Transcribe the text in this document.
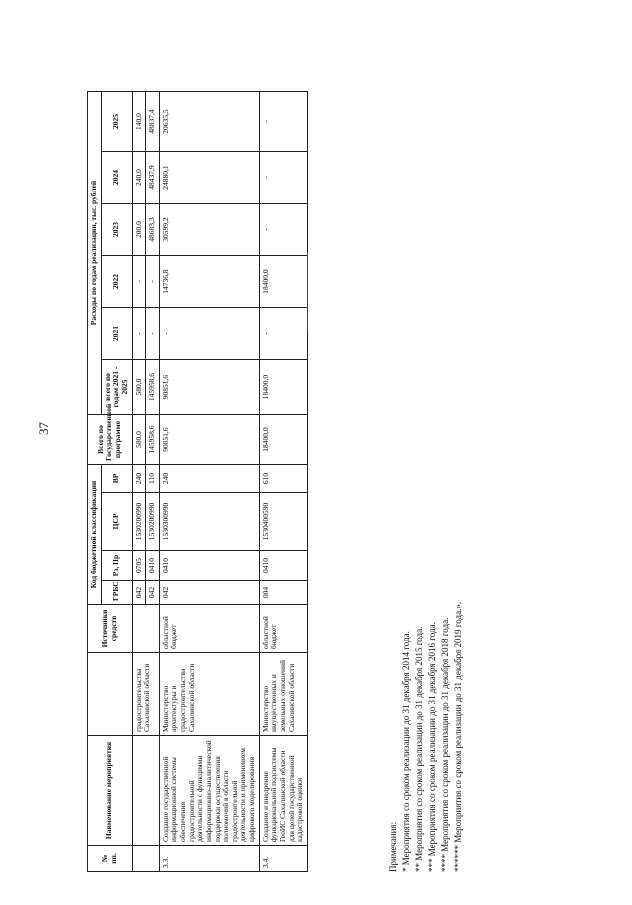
37
№ пп.	Наименование мероприятия		Источники средств	Код бюджетной классификации				Всего по Государственной программе	Расходы по годам реализации, тыс. рублей					
				ГРБС	Рз, Пр	ЦСР	ВР		всего по годам 2021 - 2025	2021	2022	2023	2024	2025
		градостроительства Сахалинской области		042	0705	1530200990	240	580,0	580,0	-	-	200,0	240,0	140,0
				042	0410	1530200990	110	145958,6	145958,6	-	-	48683,3	48437,9	48837,4
3.3.	Создание государственной информационной системы обеспечения градостроительной деятельности с функциями информационно-аналитической поддержки осуществления полномочий в области градостроительной деятельности и применением цифрового моделирования	Министерство архитектуры и градостроительства Сахалинской области	областной бюджет	042	0410	1530300990	240	90851,6	90851,6	-	14736,8	30599,2	24880,1	20635,5
3.4.	Создание и внедрение функциональной подсистемы ГеоИС Сахалинской области для целей государственной кадастровой оценки	Министерство имущественных и земельных отношений Сахалинской области	областной бюджет	004	0410	1530400590	610	18400,0	18400,0	-	18400,0	-	-	-
Примечания: * Мероприятия со сроком реализации до 31 декабря 2014 года. ** Мероприятия со сроком реализации до 31 декабря 2015 года. *** Мероприятия со сроком реализации до 31 декабря 2016 года. **** Мероприятия со сроком реализации до 31 декабря 2018 года. ****** Мероприятия со сроком реализации до 31 декабря 2019 года.».
